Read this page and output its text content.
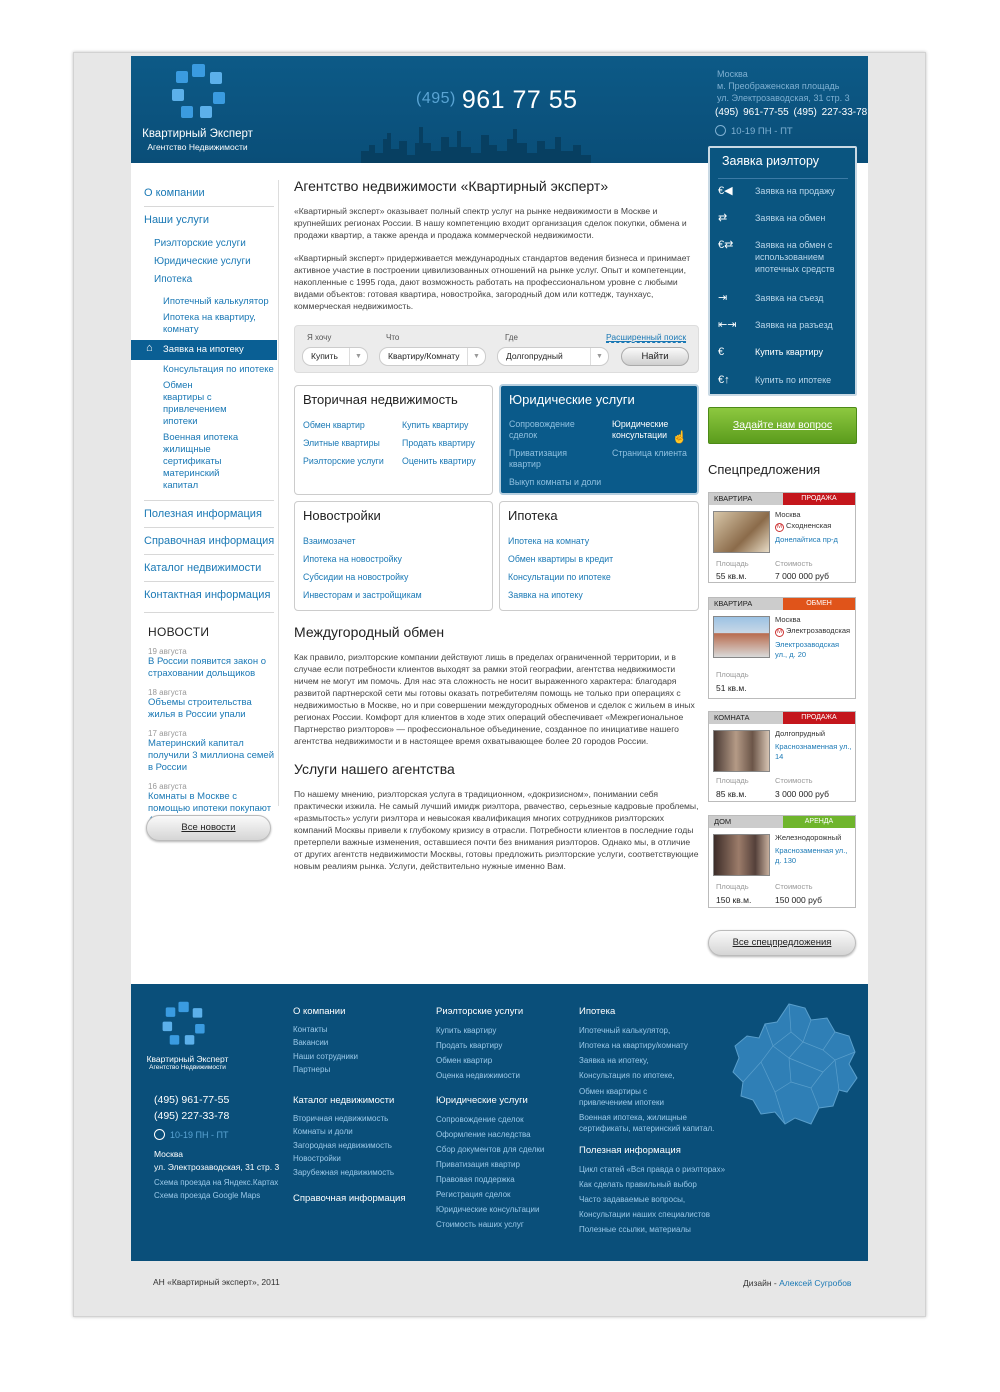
Квартирный Эксперт
Агентство Недвижимости
$^{(495)}$ 961 77 55
Москва
м. Преображенская площадь
ул. Электрозаводская, 31 стр. 3
(495) 961-77-55 (495) 227-33-78
10-19 ПН - ПТ
О компании
Наши услуги
Риэлторские услуги
Юридические услуги
Ипотека
Ипотечный калькулятор
Ипотека на квартиру, комнату
⌂ Заявка на ипотеку
Консультация по ипотеке
Обмен квартиры с привлечением ипотеки
Военная ипотека жилищные сертификаты материнский капитал
Полезная информация
Справочная информация
Каталог недвижимости
Контактная информация
НОВОСТИ
19 августа
В России появится закон о страховании дольщиков
18 августа
Объемы строительства жилья в России упали
17 августа
Материнский капитал получили 3 миллиона семей в России
16 августа
Комнаты в Москве с помощью ипотеки покупают
Все новости
Агентство недвижимости «Квартирный эксперт»

«Квартирный эксперт» оказывает полный спектр услуг на рынке недвижимости в Москве и крупнейших регионах России. В нашу компетенцию входит организация сделок покупки, обмена и продажи квартир, а также аренда и продажа коммерческой недвижимости.

«Квартирный эксперт» придерживается международных стандартов ведения бизнеса и принимает активное участие в построении цивилизованных отношений на рынке услуг. Опыт и компетенции, накопленные с 1995 года, дают возможность работать на профессиональном уровне с любыми видами объектов: готовая квартира, новостройка, загородный дом или коттедж, таунхаус, коммерческая недвижимость.

Я хочу
Купить	▼
Что
Квартиру/Комнату	▼
Где
Долгопрудный	▼
Расширенный поиск
Найти
Вторичная недвижимость
Обмен квартир
Элитные квартиры
Риэлторские услуги
Купить квартиру
Продать квартиру
Оценить квартиру
Юридические услуги
Сопровождение сделок
Приватизация квартир
Выкуп комнаты и доли
Юридические консультации
Страница клиента
☝
Новостройки
Взаимозачет
Ипотека на новостройку
Субсидии на новостройку
Инвесторам и застройщикам
Ипотека
Ипотека на комнату
Обмен квартиры в кредит
Консультации по ипотеке
Заявка на ипотеку
Междугородный обмен

Как правило, риэлторские компании действуют лишь в пределах ограниченной территории, и в случае если потребности клиентов выходят за рамки этой географии, агентства недвижимости ничем не могут им помочь. Для нас эта сложность не носит выраженного характера: благодаря развитой партнерской сети мы готовы оказать потребителям помощь не только при операциях с недвижимостью в Москве, но и при совершении междугородных обменов и сделок с жильем в иных регионах России. Комфорт для клиентов в ходе этих операций обеспечивает «Межрегиональное Партнерство риэлторов» — профессиональное объединение, созданное по инициативе нашего агентства недвижимости и в настоящее время охватывающее более 20 городов России.

Услуги нашего агентства

По нашему мнению, риэлторская услуга в традиционном, «докризисном», понимании себя практически изжила. Не самый лучший имидж риэлтора, рвачество, серьезные кадровые проблемы, «размытость» услуги риэлтора и невысокая квалификация многих сотрудников риэлторских компаний Москвы привели к глубокому кризису в отрасли. Потребности клиентов в последние годы претерпели важные изменения, оставшиеся почти без внимания риэлторов. Однако мы, в отличие от других агентств недвижимости Москвы, готовы предложить риэлторские услуги, соответствующие новым реалиям рынка. Услуги, действительно нужные именно Вам.

Заявка риэлтору
€◀	Заявка на продажу
⇄	Заявка на обмен
€⇄	Заявка на обмен с использованием ипотечных средств
⇥	Заявка на съезд
⇤⇥ Заявка на разъезд
€	Купить квартиру
€↑	Купить по ипотеке
Задайте нам вопрос
Спецпредложения
КВАРТИРА	ПРОДАЖА
Москва
M Сходненская
Донелайтиса пр-д
Площадь	Стоимость
55 кв.м.	7 000 000 руб
КВАРТИРА	ОБМЕН
Москва
M Электрозаводская
Электрозаводская ул., д. 20
Площадь
51 кв.м.
КОМНАТА	ПРОДАЖА
Долгопрудный
Краснознаменная ул., 14
Площадь	Стоимость
85 кв.м.	3 000 000 руб
ДОМ	АРЕНДА
Железнодорожный
Краснозаменная ул., д. 130
Площадь	Стоимость
150 кв.м.	150 000 руб
Все спецпредложения
Квартирный Эксперт
Агентство Недвижимости
(495) 961-77-55
(495) 227-33-78
10-19 ПН - ПТ
Москва
ул. Электрозаводская, 31 стр. 3
Схема проезда на Яндекс.Картах
Схема проезда Google Maps
О компании
Контакты
Вакансии
Наши сотрудники
Партнеры
Каталог недвижимости
Вторичная недвижимость
Комнаты и доли
Загородная недвижимость
Новостройки
Зарубежная недвижимость
Справочная информация
Риэлторские услуги
Купить квартиру
Продать квартиру
Обмен квартир
Оценка недвижимости
Юридические услуги
Сопровождение сделок
Оформление наследства
Сбор документов для сделки
Приватизация квартир
Правовая поддержка
Регистрация сделок
Юридические консультации
Стоимость наших услуг
Ипотека
Ипотечный калькулятор,
Ипотека на квартиру/комнату
Заявка на ипотеку,
Консультация по ипотеке,
Обмен квартиры с
привлечением ипотеки
Военная ипотека, жилищные
сертификаты, материнский капитал.
Полезная информация
Цикл статей «Вся правда о риэлторах»
Как сделать правильный выбор
Часто задаваемые вопросы,
Консультации наших специалистов
Полезные ссылки, материалы
АН «Квартирный эксперт», 2011	Дизайн - Алексей Сугробов
